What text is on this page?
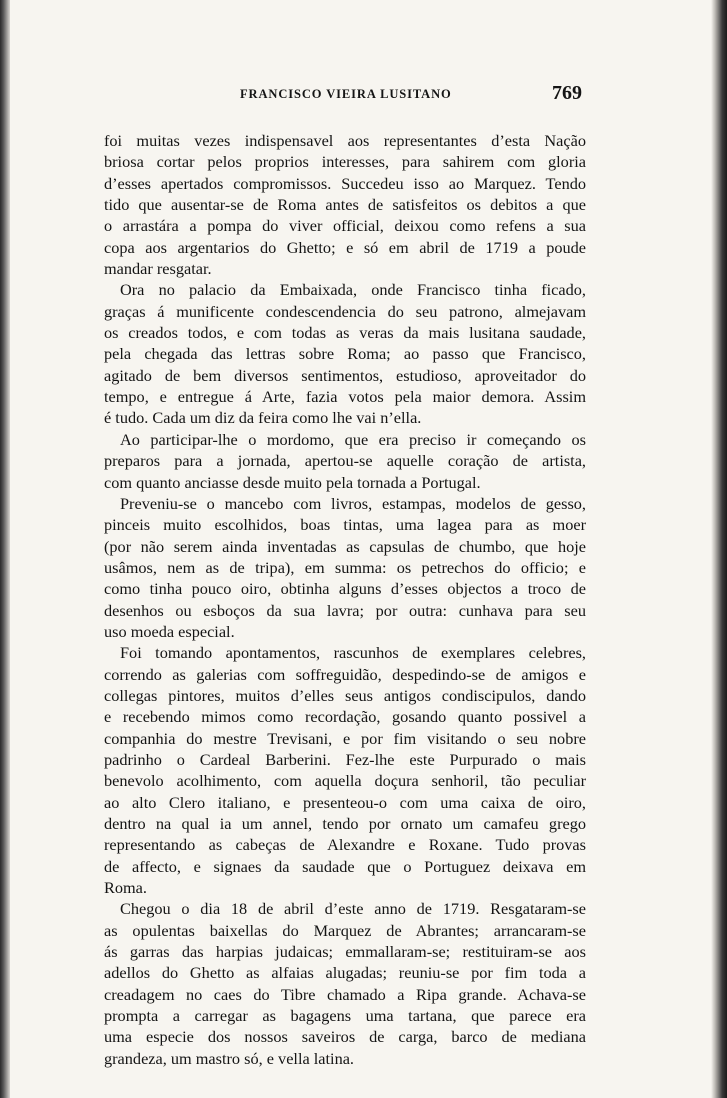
FRANCISCO VIEIRA LUSITANO	769
foi muitas vezes indispensavel aos representantes d’esta Nação
briosa cortar pelos proprios interesses, para sahirem com gloria
d’esses apertados compromissos. Succedeu isso ao Marquez. Tendo
tido que ausentar-se de Roma antes de satisfeitos os debitos a que
o arrastára a pompa do viver official, deixou como refens a sua
copa aos argentarios do Ghetto; e só em abril de 1719 a poude
mandar resgatar.
Ora no palacio da Embaixada, onde Francisco tinha ficado,
graças á munificente condescendencia do seu patrono, almejavam
os creados todos, e com todas as veras da mais lusitana saudade,
pela chegada das lettras sobre Roma; ao passo que Francisco,
agitado de bem diversos sentimentos, estudioso, aproveitador do
tempo, e entregue á Arte, fazia votos pela maior demora. Assim
é tudo. Cada um diz da feira como lhe vai n’ella.
Ao participar-lhe o mordomo, que era preciso ir começando os
preparos para a jornada, apertou-se aquelle coração de artista,
com quanto anciasse desde muito pela tornada a Portugal.
Preveniu-se o mancebo com livros, estampas, modelos de gesso,
pinceis muito escolhidos, boas tintas, uma lagea para as moer
(por não serem ainda inventadas as capsulas de chumbo, que hoje
usâmos, nem as de tripa), em summa: os petrechos do officio; e
como tinha pouco oiro, obtinha alguns d’esses objectos a troco de
desenhos ou esboços da sua lavra; por outra: cunhava para seu
uso moeda especial.
Foi tomando apontamentos, rascunhos de exemplares celebres,
correndo as galerias com soffreguidão, despedindo-se de amigos e
collegas pintores, muitos d’elles seus antigos condiscipulos, dando
e recebendo mimos como recordação, gosando quanto possivel a
companhia do mestre Trevisani, e por fim visitando o seu nobre
padrinho o Cardeal Barberini. Fez-lhe este Purpurado o mais
benevolo acolhimento, com aquella doçura senhoril, tão peculiar
ao alto Clero italiano, e presenteou-o com uma caixa de oiro,
dentro na qual ia um annel, tendo por ornato um camafeu grego
representando as cabeças de Alexandre e Roxane. Tudo provas
de affecto, e signaes da saudade que o Portuguez deixava em
Roma.
Chegou o dia 18 de abril d’este anno de 1719. Resgataram-se
as opulentas baixellas do Marquez de Abrantes; arrancaram-se
ás garras das harpias judaicas; emmallaram-se; restituiram-se aos
adellos do Ghetto as alfaias alugadas; reuniu-se por fim toda a
creadagem no caes do Tibre chamado a Ripa grande. Achava-se
prompta a carregar as bagagens uma tartana, que parece era
uma especie dos nossos saveiros de carga, barco de mediana
grandeza, um mastro só, e vella latina.
